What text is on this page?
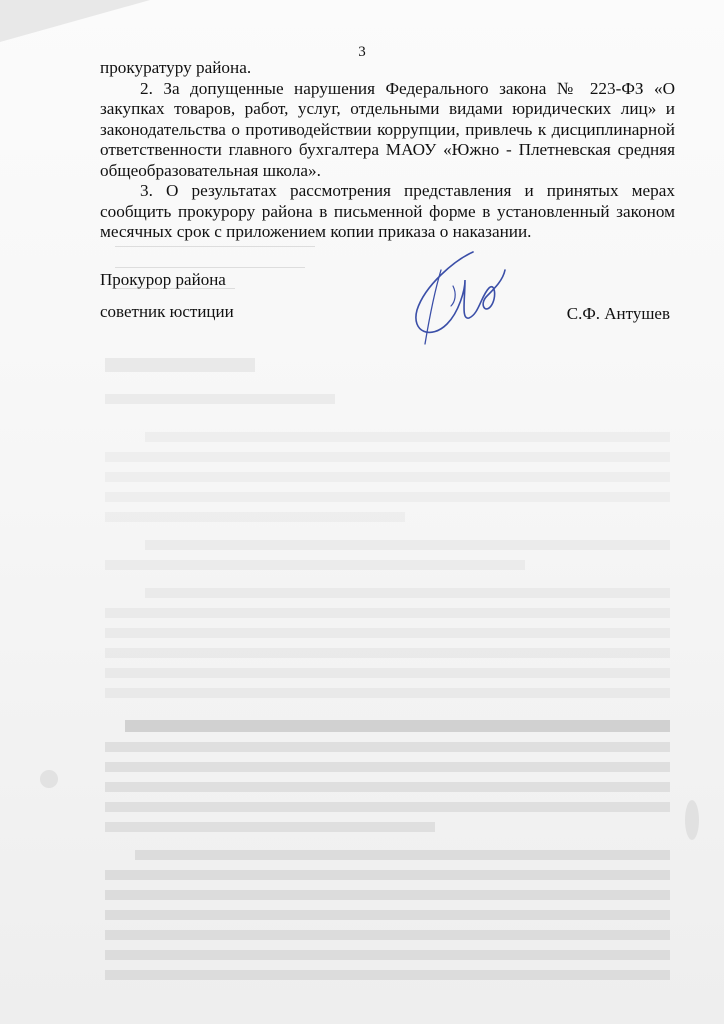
3

прокуратуру района.

2. За допущенные нарушения Федерального закона № 223-ФЗ «О закупках товаров, работ, услуг, отдельными видами юридических лиц» и законодательства о противодействии коррупции, привлечь к дисциплинарной ответственности главного бухгалтера МАОУ «Южно - Плетневская средняя общеобразовательная школа».

3. О результатах рассмотрения представления и принятых мерах сообщить прокурору района в письменной форме в установленный законом месячных срок с приложением копии приказа о наказании.

Прокурор района
советник юстиции	С.Ф. Антушев
